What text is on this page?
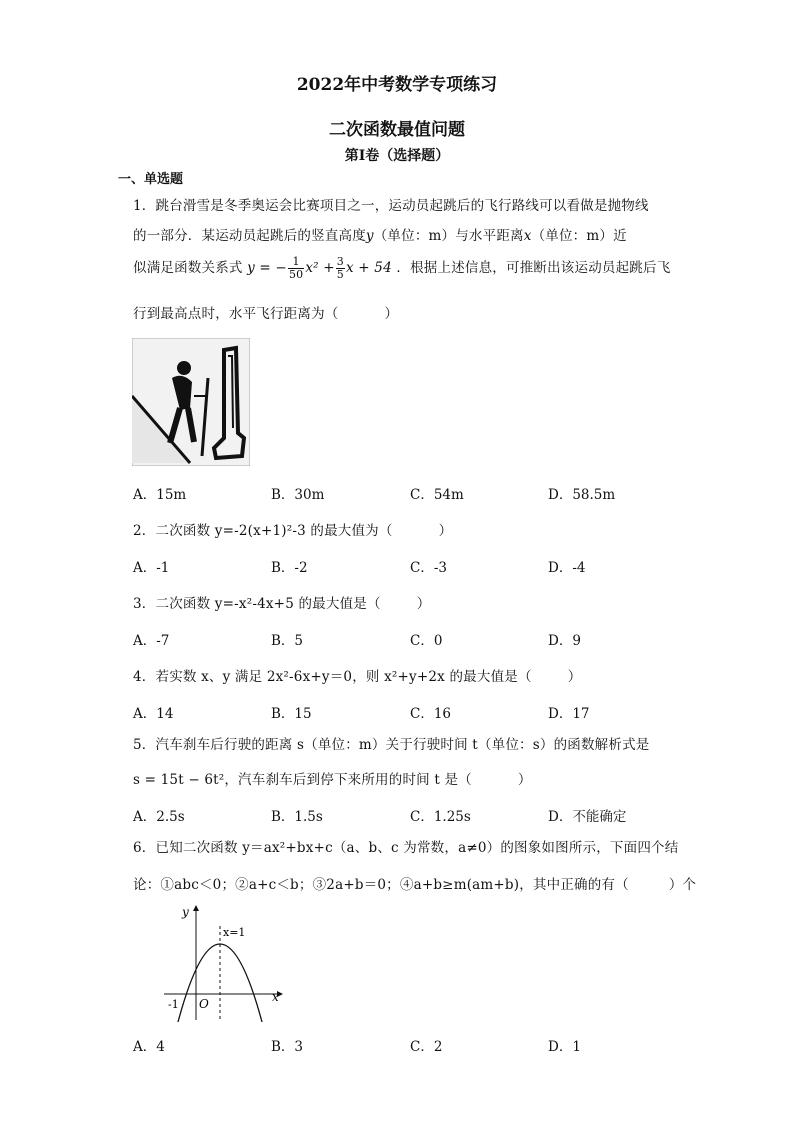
2022年中考数学专项练习
二次函数最值问题
第I卷（选择题）
一、单选题
1．跳台滑雪是冬季奥运会比赛项目之一，运动员起跳后的飞行路线可以看做是抛物线
的一部分．某运动员起跳后的竖直高度y（单位：m）与水平距离x（单位：m）近
似满足函数关系式 y = − $\frac{1}{50} x^2 + \frac{3}{5}$ x + 54 ．根据上述信息，可推断出该运动员起跳后飞
行到最高点时，水平飞行距离为（	）
A．15m	B．30m	C．54m	D．58.5m
2．二次函数 y=-2(x+1)²-3 的最大值为（	）
A．-1	B．-2	C．-3	D．-4
3．二次函数 y=-x²-4x+5 的最大值是（	）
A．-7	B．5	C．0	D．9
4．若实数 x、y 满足 2x²-6x+y＝0，则 x²+y+2x 的最大值是（	）
A．14	B．15	C．16	D．17
5．汽车刹车后行驶的距离 s（单位：m）关于行驶时间 t（单位：s）的函数解析式是
s = 15t − 6t²，汽车刹车后到停下来所用的时间 t 是（	）
A．2.5s	B．1.5s	C．1.25s	D．不能确定
6．已知二次函数 y＝ax²+bx+c（a、b、c 为常数，a≠0）的图象如图所示，下面四个结
论：①abc＜0；②a+c＜b；③2a+b＝0；④a+b≥m(am+b)，其中正确的有（	）个
y
x
O
-1
x=1
A．4	B．3	C．2	D．1
